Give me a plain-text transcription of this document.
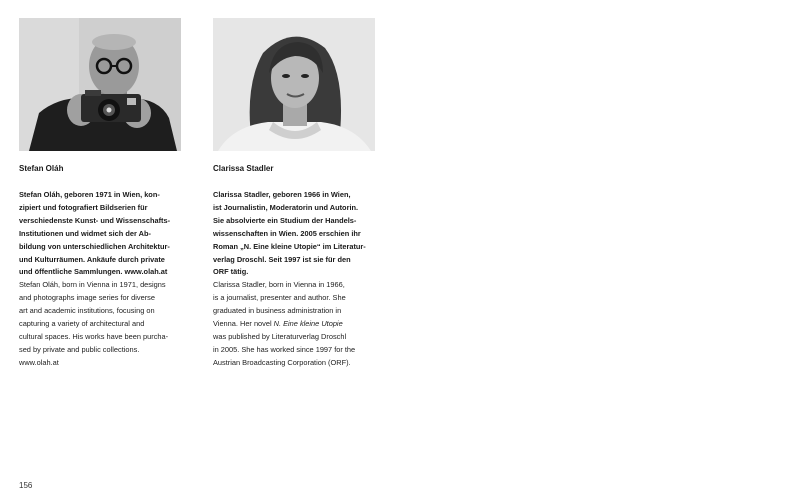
Stefan Oláh
Stefan Oláh, geboren 1971 in Wien, kon-
zipiert und fotografiert Bildserien für
verschiedenste Kunst- und Wissenschafts-
Institutionen und widmet sich der Ab-
bildung von unterschiedlichen Architektur-
und Kulturräumen. Ankäufe durch private
und öffentliche Sammlungen. www.olah.at
Stefan Oláh, born in Vienna in 1971, designs
and photographs image series for diverse
art and academic institutions, focusing on
capturing a variety of architectural and
cultural spaces. His works have been purcha-
sed by private and public collections.
www.olah.at
Clarissa Stadler
Clarissa Stadler, geboren 1966 in Wien,
ist Journalistin, Moderatorin und Autorin.
Sie absolvierte ein Studium der Handels-
wissenschaften in Wien. 2005 erschien ihr
Roman „N. Eine kleine Utopie“ im Literatur-
verlag Droschl. Seit 1997 ist sie für den
ORF tätig.
Clarissa Stadler, born in Vienna in 1966,
is a journalist, presenter and author. She
graduated in business administration in
Vienna. Her novel N. Eine kleine Utopie
was published by Literaturverlag Droschl
in 2005. She has worked since 1997 for the
Austrian Broadcasting Corporation (ORF).
156
